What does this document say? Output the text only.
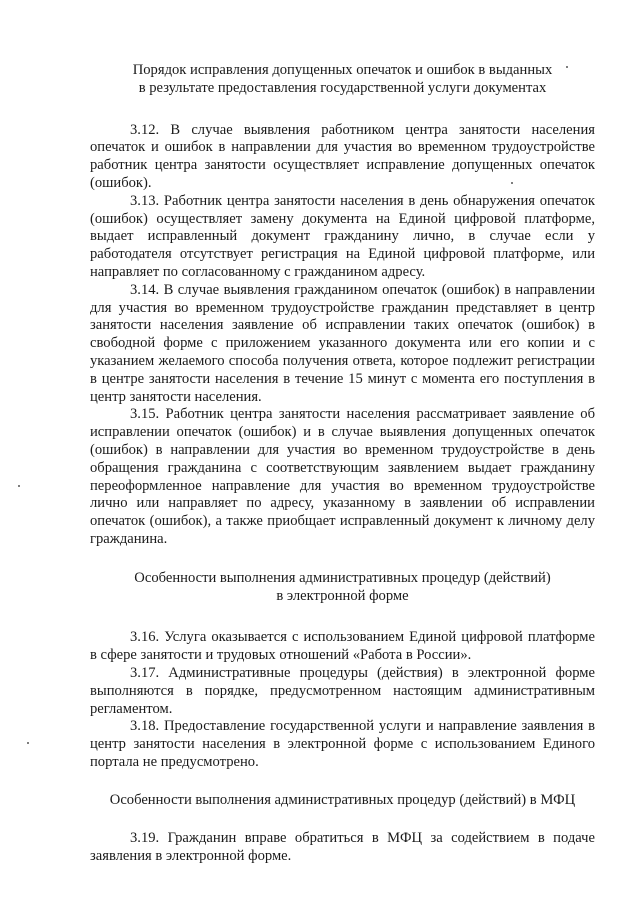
Порядок исправления допущенных опечаток и ошибок в выданных
в результате предоставления государственной услуги документах

3.12. В случае выявления работником центра занятости населения опечаток и ошибок в направлении для участия во временном трудоустройстве работник центра занятости осуществляет исправление допущенных опечаток (ошибок).

3.13. Работник центра занятости населения в день обнаружения опечаток (ошибок) осуществляет замену документа на Единой цифровой платформе, выдает исправленный документ гражданину лично, в случае если у работодателя отсутствует регистрация на Единой цифровой платформе, или направляет по согласованному с гражданином адресу.

3.14. В случае выявления гражданином опечаток (ошибок) в направлении для участия во временном трудоустройстве гражданин представляет в центр занятости населения заявление об исправлении таких опечаток (ошибок) в свободной форме с приложением указанного документа или его копии и с указанием желаемого способа получения ответа, которое подлежит регистрации в центре занятости населения в течение 15 минут с момента его поступления в центр занятости населения.

3.15. Работник центра занятости населения рассматривает заявление об исправлении опечаток (ошибок) и в случае выявления допущенных опечаток (ошибок) в направлении для участия во временном трудоустройстве в день обращения гражданина с соответствующим заявлением выдает гражданину переоформленное направление для участия во временном трудоустройстве лично или направляет по адресу, указанному в заявлении об исправлении опечаток (ошибок), а также приобщает исправленный документ к личному делу гражданина.

Особенности выполнения административных процедур (действий)
в электронной форме

3.16. Услуга оказывается с использованием Единой цифровой платформе в сфере занятости и трудовых отношений «Работа в России».

3.17. Административные процедуры (действия) в электронной форме выполняются в порядке, предусмотренном настоящим административным регламентом.

3.18. Предоставление государственной услуги и направление заявления в центр занятости населения в электронной форме с использованием Единого портала не предусмотрено.

Особенности выполнения административных процедур (действий) в МФЦ

3.19. Гражданин вправе обратиться в МФЦ за содействием в подаче заявления в электронной форме.
